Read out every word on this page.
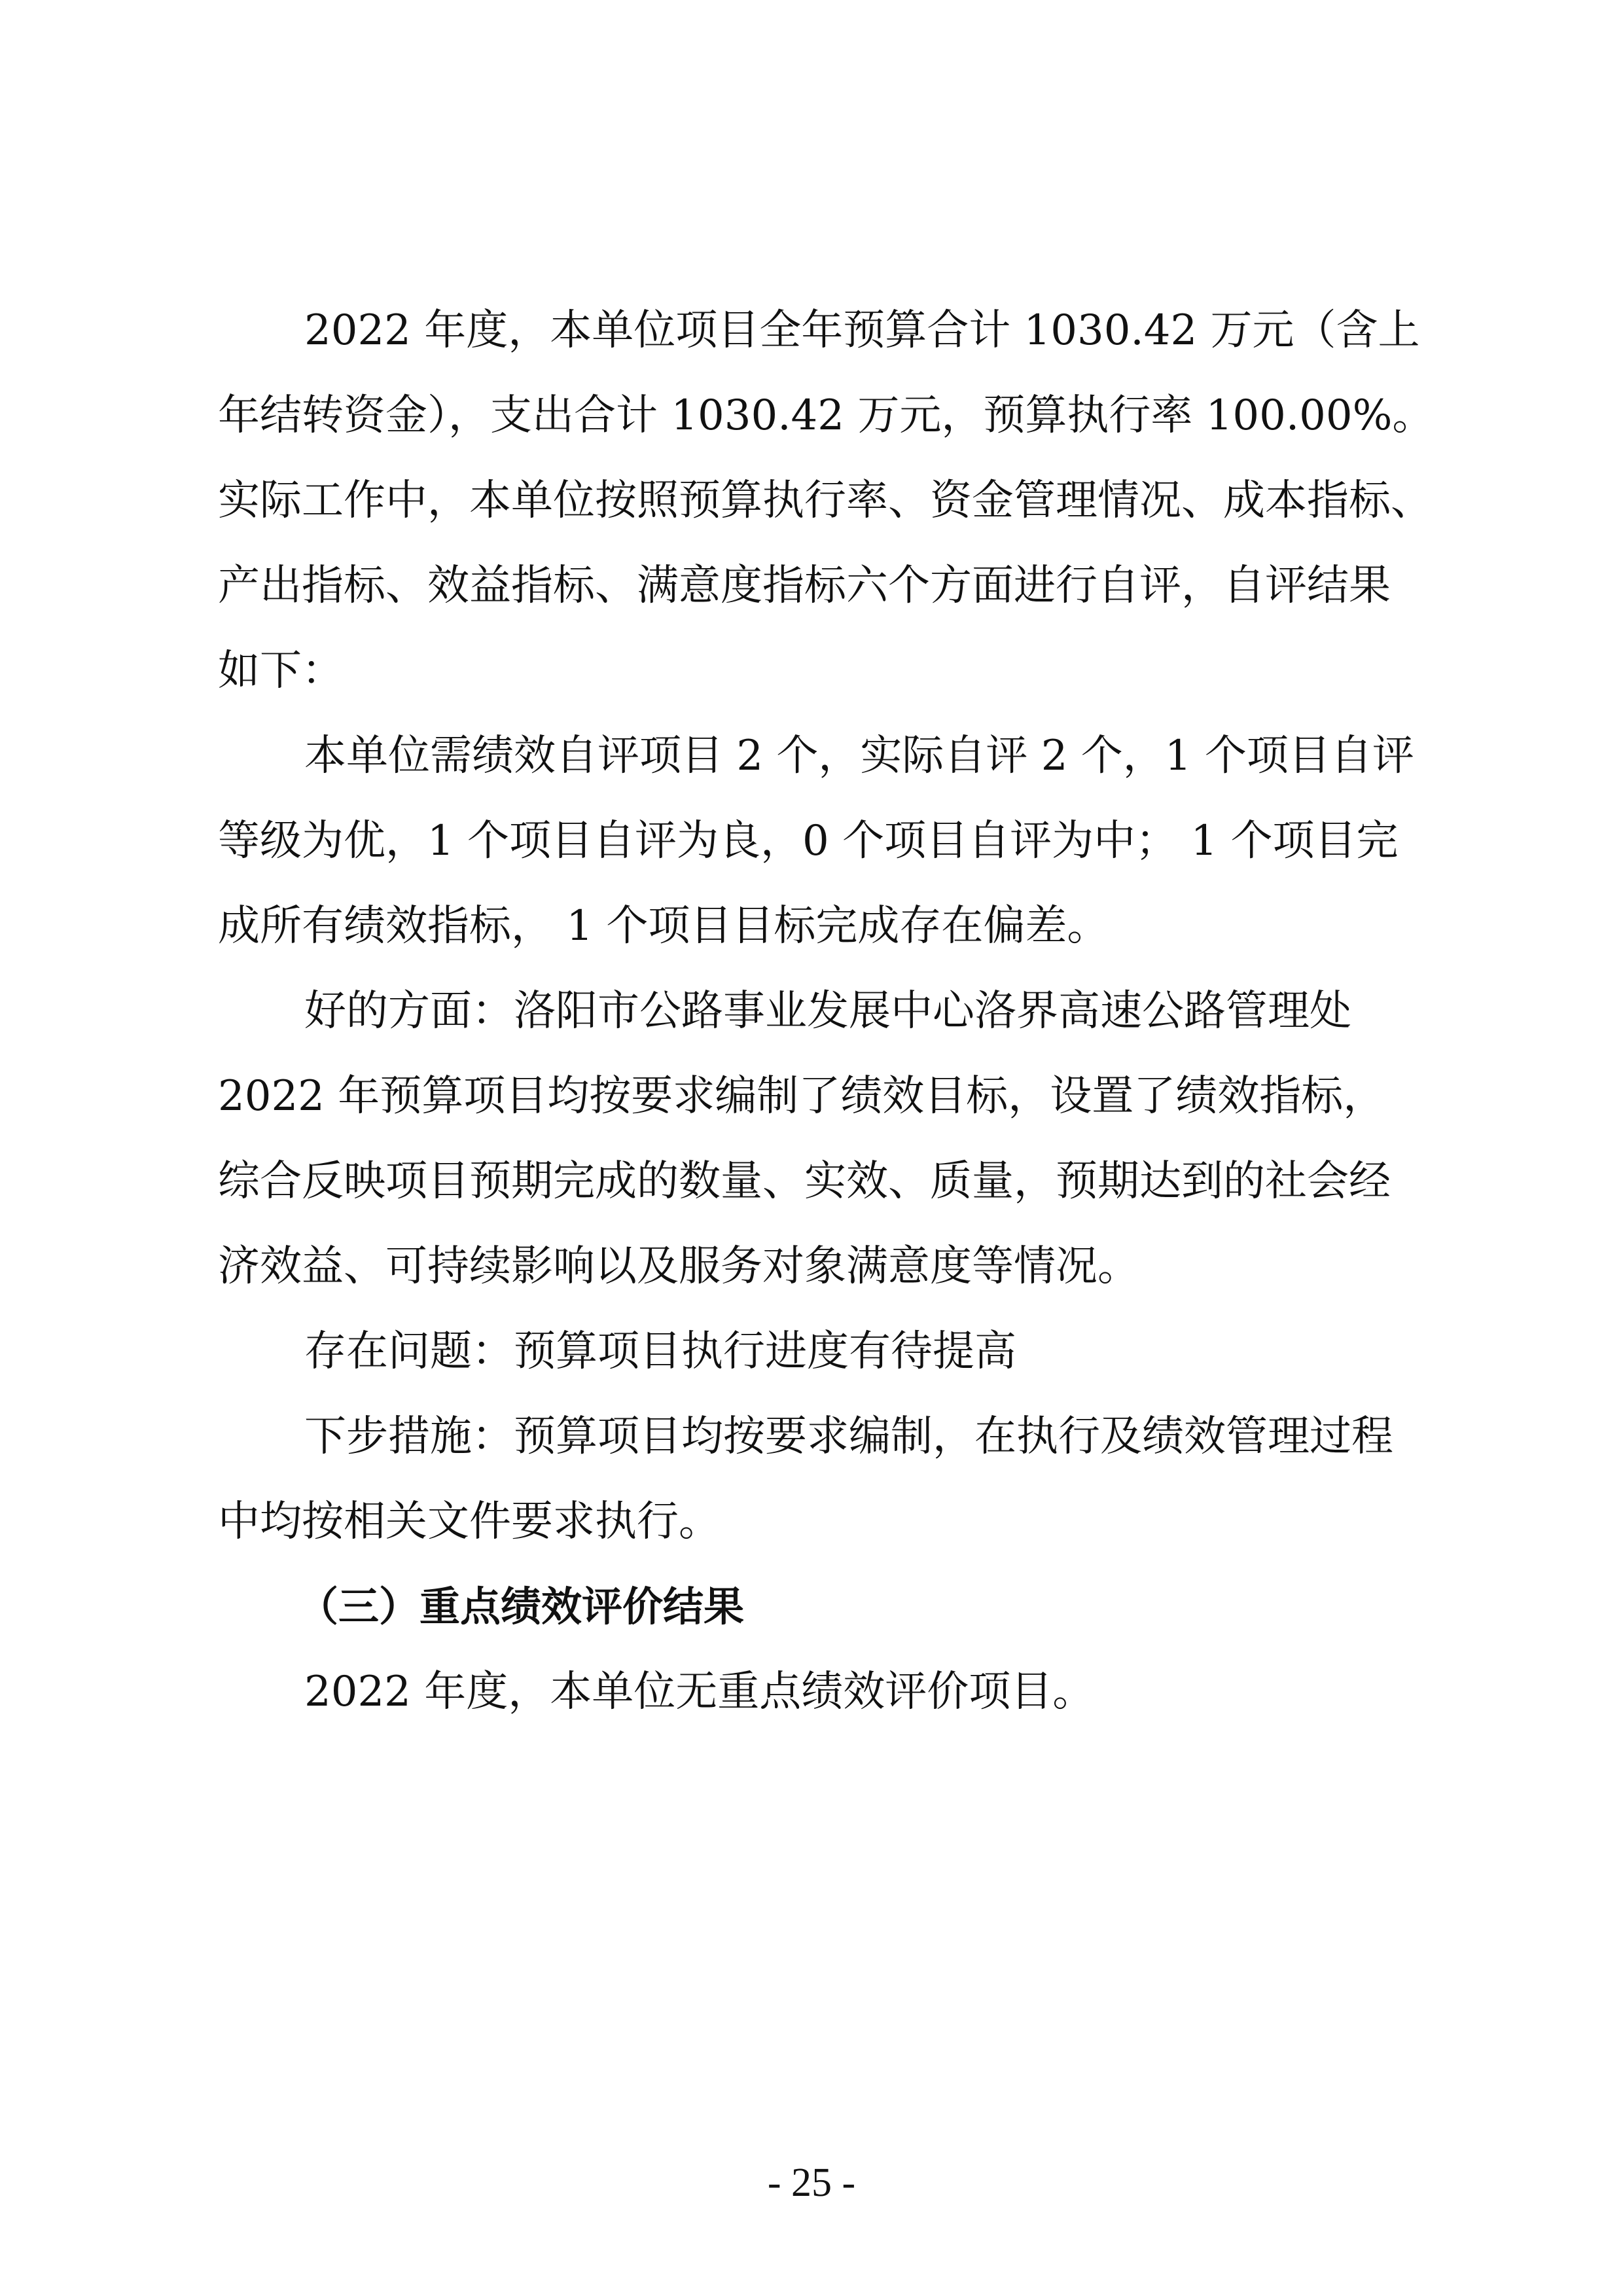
2022 年度，本单位项目全年预算合计 1030.42 万元（含上
年结转资金），支出合计 1030.42 万元，预算执行率 100.00%。
实际工作中，本单位按照预算执行率、资金管理情况、成本指标、
产出指标、效益指标、满意度指标六个方面进行自评，自评结果
如下：
本单位需绩效自评项目 2 个，实际自评 2 个，1 个项目自评
等级为优，1 个项目自评为良，0 个项目自评为中； 1 个项目完
成所有绩效指标， 1 个项目目标完成存在偏差。
好的方面：洛阳市公路事业发展中心洛界高速公路管理处
2022 年预算项目均按要求编制了绩效目标，设置了绩效指标，
综合反映项目预期完成的数量、实效、质量，预期达到的社会经
济效益、可持续影响以及服务对象满意度等情况。
存在问题：预算项目执行进度有待提高
下步措施：预算项目均按要求编制，在执行及绩效管理过程
中均按相关文件要求执行。
（三）重点绩效评价结果
2022 年度，本单位无重点绩效评价项目。
- 25 -
